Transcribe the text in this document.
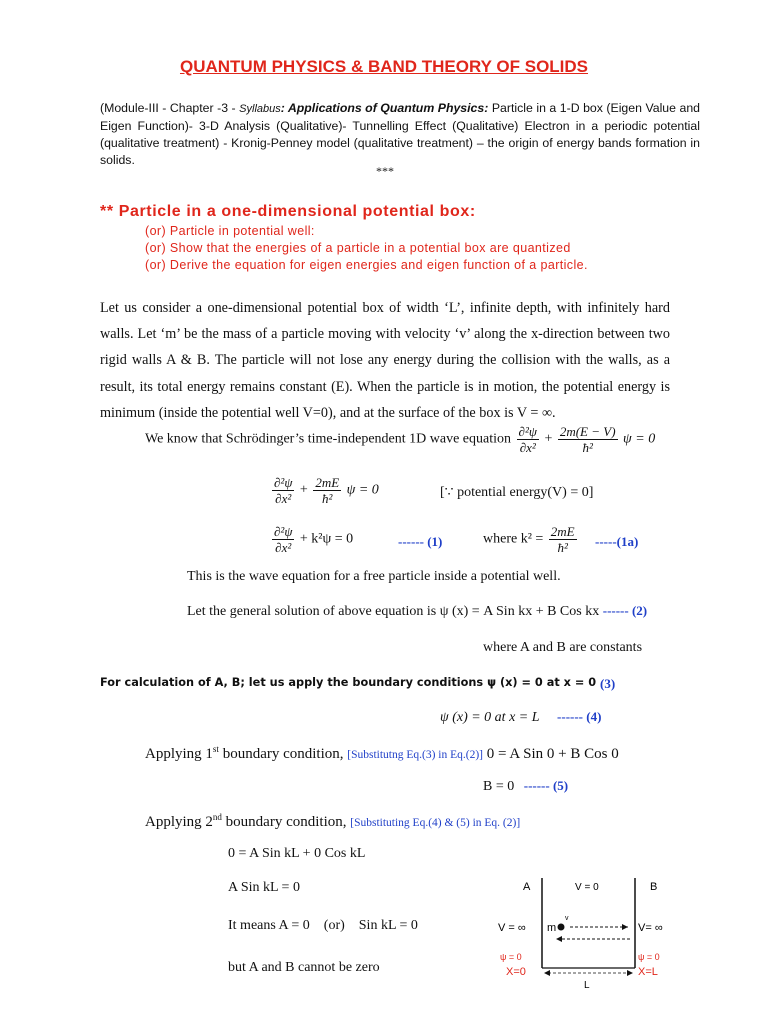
QUANTUM PHYSICS & BAND THEORY OF SOLIDS
(Module-III - Chapter -3 - Syllabus: Applications of Quantum Physics: Particle in a 1-D box (Eigen Value and Eigen Function)- 3-D Analysis (Qualitative)- Tunnelling Effect (Qualitative) Electron in a periodic potential (qualitative treatment) - Kronig-Penney model (qualitative treatment) – the origin of energy bands formation in solids.
***
** Particle in a one-dimensional potential box:
(or) Particle in potential well:
(or) Show that the energies of a particle in a potential box are quantized
(or) Derive the equation for eigen energies and eigen function of a particle.
Let us consider a one-dimensional potential box of width ‘L’, infinite depth, with infinitely hard walls. Let ‘m’ be the mass of a particle moving with velocity ‘v’ along the x-direction between two rigid walls A & B. The particle will not lose any energy during the collision with the walls, as a result, its total energy remains constant (E). When the particle is in motion, the potential energy is minimum (inside the potential well V=0), and at the surface of the box is V = ∞.
We know that Schrödinger’s time-independent 1D wave equation $\frac{\text{∂²ψ}}{\text{∂x²}} + \frac{2m(E - V)}{\text{ħ²}}$ ψ = 0
$\frac{\text{∂²ψ}}{\text{∂x²}} + \frac{2mE}{\text{ħ²}}$ ψ = 0	[∵ potential energy(V) = 0]
$\frac{\text{∂²ψ}}{\text{∂x²}} + k^2\psi = 0$	------ (1)	where $k^2 = \frac{2mE}{\text{ħ²}} -----(1a)$
This is the wave equation for a free particle inside a potential well.
Let the general solution of above equation is ψ (x) = A Sin kx + B Cos kx ------ (2)
where A and B are constants
For calculation of A, B; let us apply the boundary conditions ψ (x) = 0 at x = 0 (3)
ψ (x) = 0 at x = L ------ (4)
Applying 1st boundary condition, [Substitutng Eq.(3) in Eq.(2)] 0 = A Sin 0 + B Cos 0
B = 0 ------ (5)
Applying 2nd boundary condition, [Substituting Eq.(4) & (5) in Eq. (2)]
0 = A Sin kL + 0 Cos kL
A Sin kL = 0
It means A = 0    (or)    Sin kL = 0
but A and B cannot be zero
A	B
V = 0
V = ∞	V= ∞
m
v
ψ = 0	ψ = 0
X=0	X=L
L
